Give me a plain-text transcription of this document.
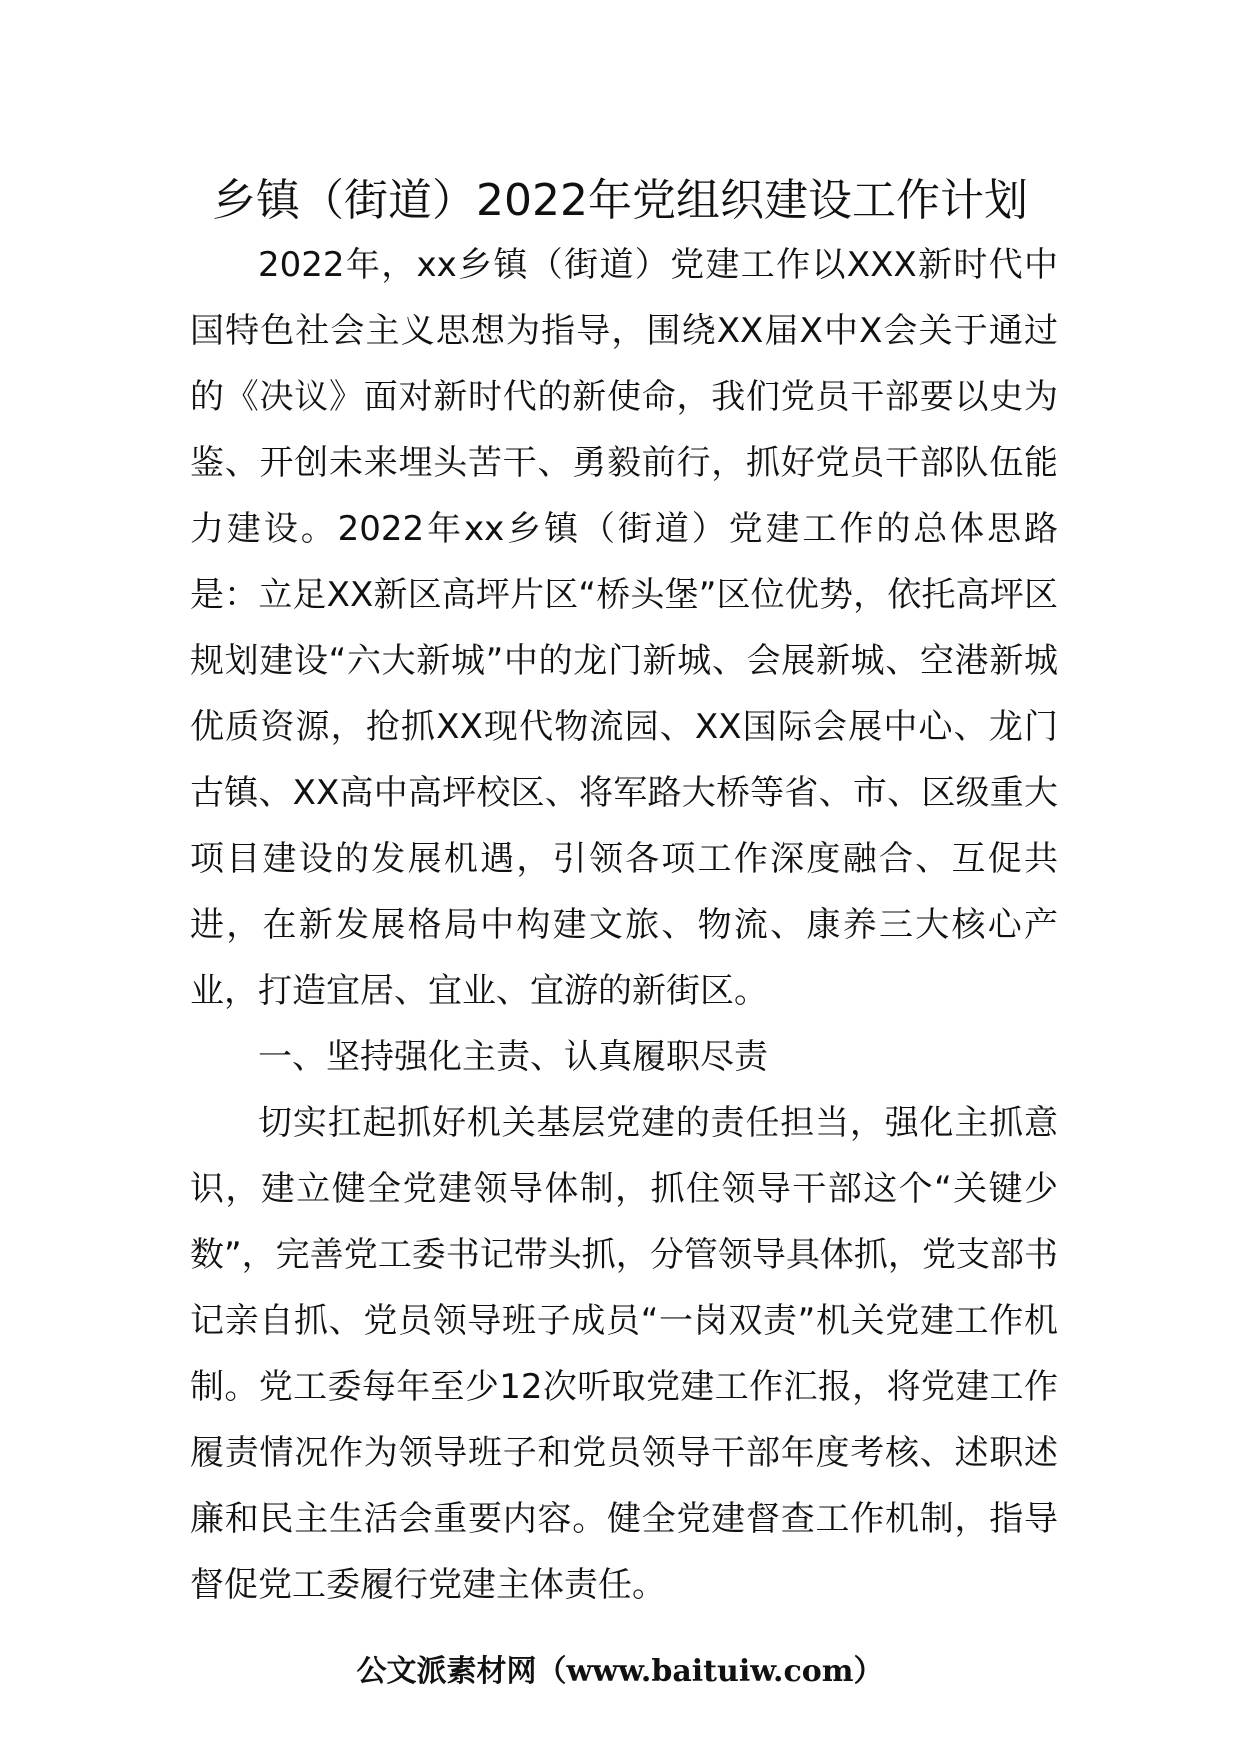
乡镇（街道）2022年党组织建设工作计划

2022年，xx乡镇（街道）党建工作以XXX新时代中国特色社会主义思想为指导，围绕XX届X中X会关于通过的《决议》面对新时代的新使命，我们党员干部要以史为鉴、开创未来埋头苦干、勇毅前行，抓好党员干部队伍能力建设。2022年xx乡镇（街道）党建工作的总体思路是：立足XX新区高坪片区“桥头堡”区位优势，依托高坪区规划建设“六大新城”中的龙门新城、会展新城、空港新城优质资源，抢抓XX现代物流园、XX国际会展中心、龙门古镇、XX高中高坪校区、将军路大桥等省、市、区级重大项目建设的发展机遇，引领各项工作深度融合、互促共进，在新发展格局中构建文旅、物流、康养三大核心产业，打造宜居、宜业、宜游的新街区。

一、坚持强化主责、认真履职尽责

切实扛起抓好机关基层党建的责任担当，强化主抓意识，建立健全党建领导体制，抓住领导干部这个“关键少数”，完善党工委书记带头抓，分管领导具体抓，党支部书记亲自抓、党员领导班子成员“一岗双责”机关党建工作机制。党工委每年至少12次听取党建工作汇报，将党建工作履责情况作为领导班子和党员领导干部年度考核、述职述廉和民主生活会重要内容。健全党建督查工作机制，指导督促党工委履行党建主体责任。

公文派素材网（www.baituiw.com）
